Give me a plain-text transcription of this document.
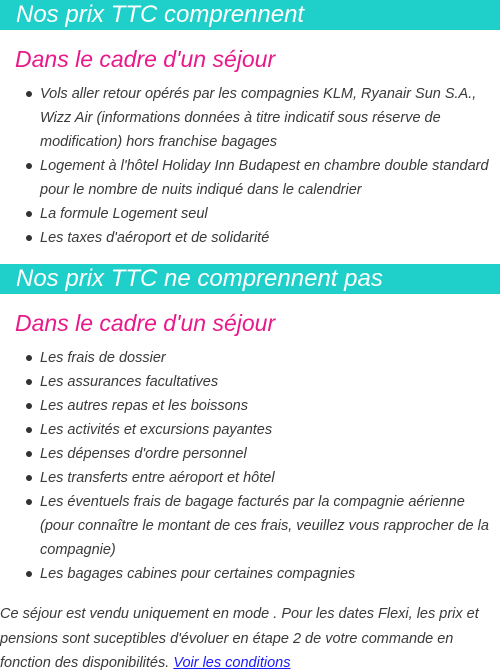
Nos prix TTC comprennent
Dans le cadre d'un séjour
Vols aller retour opérés par les compagnies KLM, Ryanair Sun S.A., Wizz Air (informations données à titre indicatif sous réserve de modification) hors franchise bagages
Logement à l'hôtel Holiday Inn Budapest en chambre double standard pour le nombre de nuits indiqué dans le calendrier
La formule Logement seul
Les taxes d'aéroport et de solidarité
Nos prix TTC ne comprennent pas
Dans le cadre d'un séjour
Les frais de dossier
Les assurances facultatives
Les autres repas et les boissons
Les activités et excursions payantes
Les dépenses d'ordre personnel
Les transferts entre aéroport et hôtel
Les éventuels frais de bagage facturés par la compagnie aérienne (pour connaître le montant de ces frais, veuillez vous rapprocher de la compagnie)
Les bagages cabines pour certaines compagnies
Ce séjour est vendu uniquement en mode . Pour les dates Flexi, les prix et pensions sont suceptibles d'évoluer en étape 2 de votre commande en fonction des disponibilités. Voir les conditions
